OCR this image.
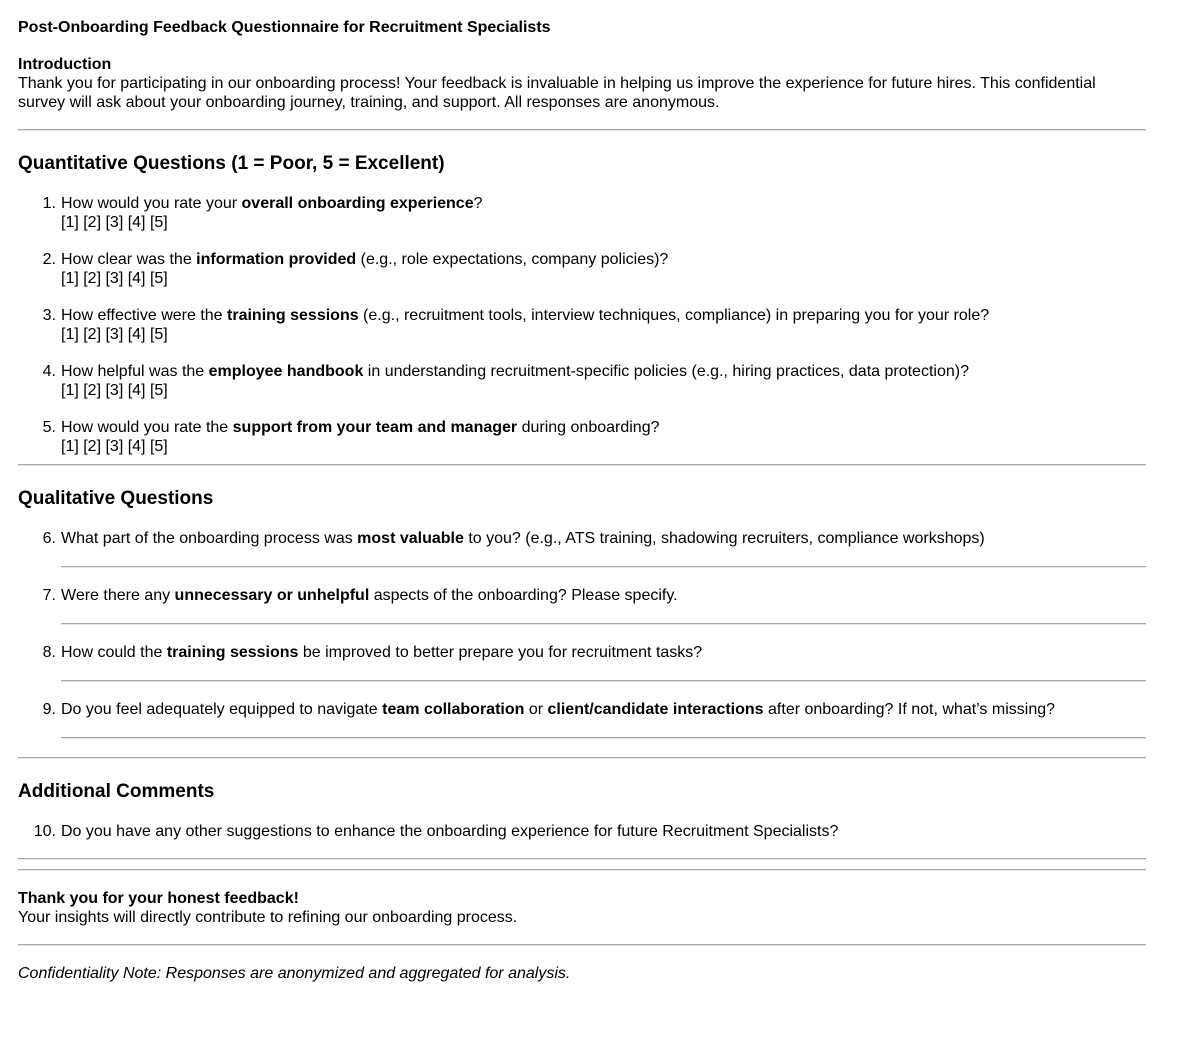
Post-Onboarding Feedback Questionnaire for Recruitment Specialists

Introduction

Thank you for participating in our onboarding process! Your feedback is invaluable in helping us improve the experience for future hires. This confidential survey will ask about your onboarding journey, training, and support. All responses are anonymous.

Quantitative Questions (1 = Poor, 5 = Excellent)
1. How would you rate your overall onboarding experience?
[1] [2] [3] [4] [5]
2. How clear was the information provided (e.g., role expectations, company policies)?
[1] [2] [3] [4] [5]
3. How effective were the training sessions (e.g., recruitment tools, interview techniques, compliance) in preparing you for your role?
[1] [2] [3] [4] [5]
4. How helpful was the employee handbook in understanding recruitment-specific policies (e.g., hiring practices, data protection)?
[1] [2] [3] [4] [5]
5. How would you rate the support from your team and manager during onboarding?
[1] [2] [3] [4] [5]
Qualitative Questions
6. What part of the onboarding process was most valuable to you? (e.g., ATS training, shadowing recruiters, compliance workshops)
7. Were there any unnecessary or unhelpful aspects of the onboarding? Please specify.
8. How could the training sessions be improved to better prepare you for recruitment tasks?
9. Do you feel adequately equipped to navigate team collaboration or client/candidate interactions after onboarding? If not, what’s missing?
Additional Comments
10. Do you have any other suggestions to enhance the onboarding experience for future Recruitment Specialists?

Thank you for your honest feedback!

Your insights will directly contribute to refining our onboarding process.

Confidentiality Note: Responses are anonymized and aggregated for analysis.
